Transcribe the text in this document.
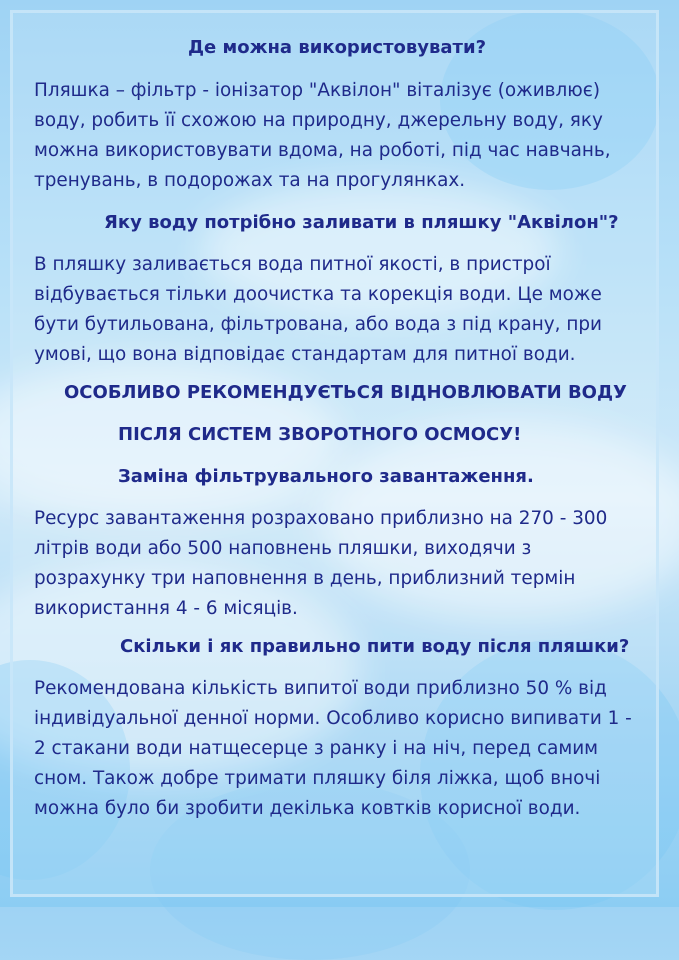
Де можна використовувати?

Пляшка – фільтр - іонізатор "Аквілон" віталізує (оживлює) воду, робить її схожою на природну, джерельну воду, яку можна використовувати вдома, на роботі, під час навчань, тренувань, в подорожах та на прогулянках.

Яку воду потрібно заливати в пляшку "Аквілон"?

В пляшку заливається вода питної якості, в пристрої відбувається тільки доочистка та корекція води. Це може бути бутильована, фільтрована, або вода з під крану, при умові, що вона відповідає стандартам для питної води.

ОСОБЛИВО РЕКОМЕНДУЄТЬСЯ ВІДНОВЛЮВАТИ ВОДУ
ПІСЛЯ СИСТЕМ ЗВОРОТНОГО ОСМОСУ!
Заміна фільтрувального завантаження.

Ресурс завантаження розраховано приблизно на 270 - 300 літрів води або 500 наповнень пляшки, виходячи з розрахунку три наповнення в день, приблизний термін використання 4 - 6 місяців.

Скільки і як правильно пити воду після пляшки?

Рекомендована кількість випитої води приблизно 50 % від індивідуальної денної норми. Особливо корисно випивати 1 - 2 стакани води натщесерце з ранку і на ніч, перед самим сном. Також добре тримати пляшку біля ліжка, щоб вночі можна було би зробити декілька ковтків корисної води.
